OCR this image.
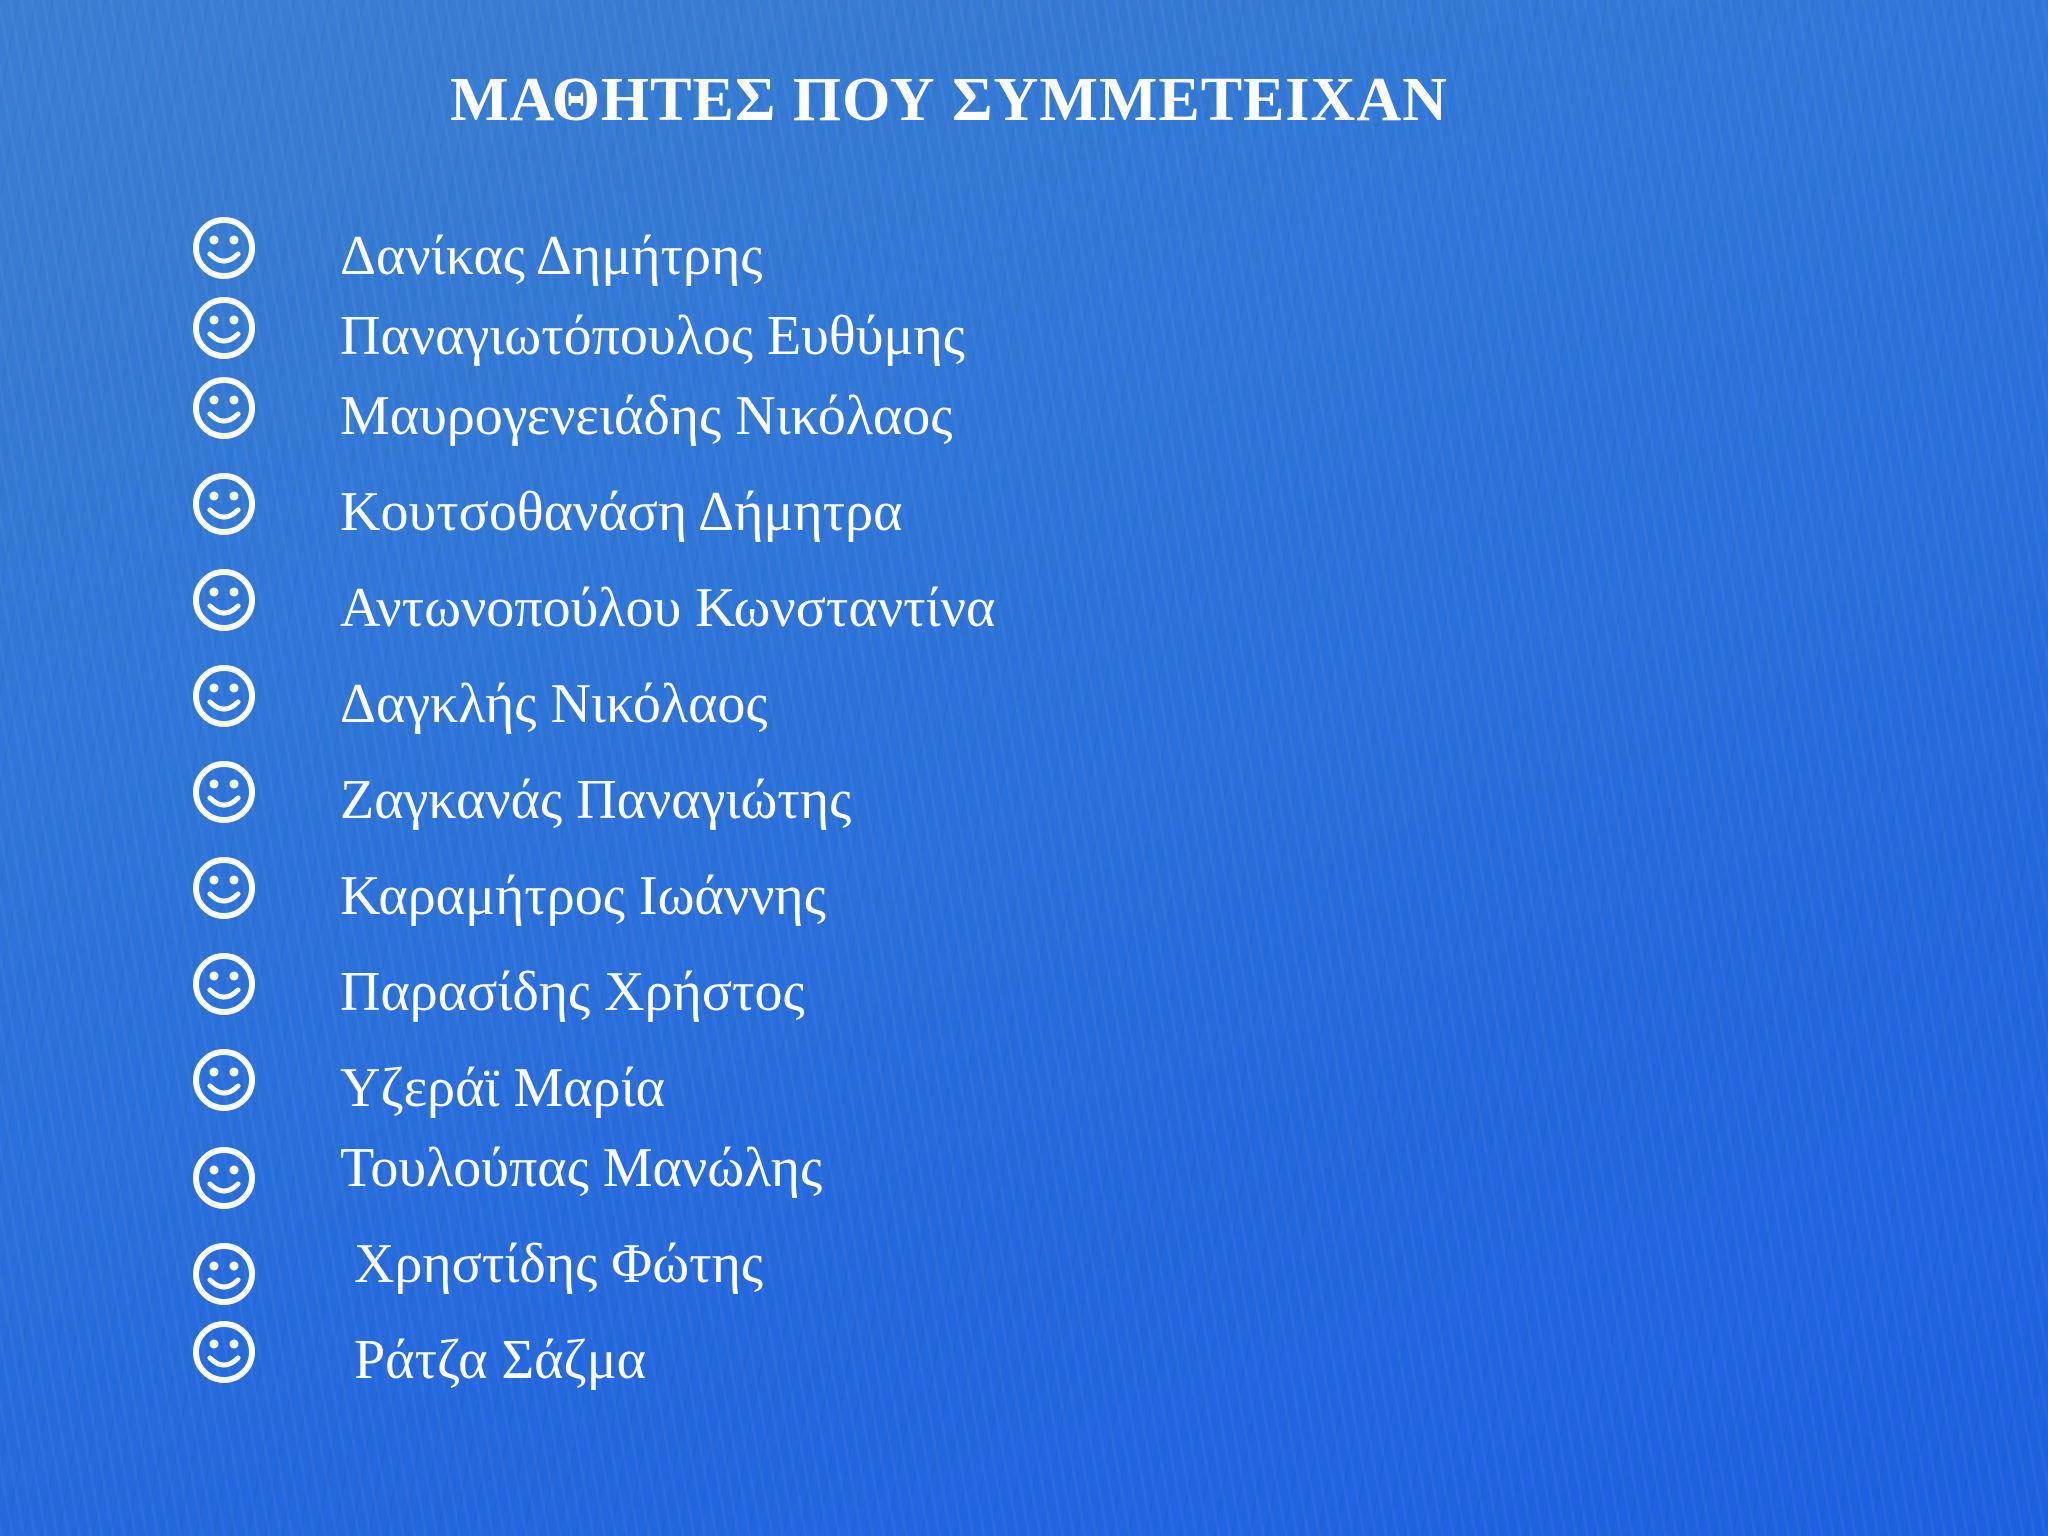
ΜΑΘΗΤΕΣ ΠΟΥ ΣΥΜΜΕΤΕΙΧΑΝ
Δανίκας Δημήτρης
Παναγιωτόπουλος Ευθύμης
Μαυρογενειάδης Νικόλαος
Κουτσοθανάση Δήμητρα
Αντωνοπούλου Κωνσταντίνα
Δαγκλής Νικόλαος
Ζαγκανάς Παναγιώτης
Καραμήτρος Ιωάννης
Παρασίδης Χρήστος
Υζεράϊ Μαρία
Τουλούπας Μανώλης
Χρηστίδης Φώτης
Ράτζα Σάζμα
